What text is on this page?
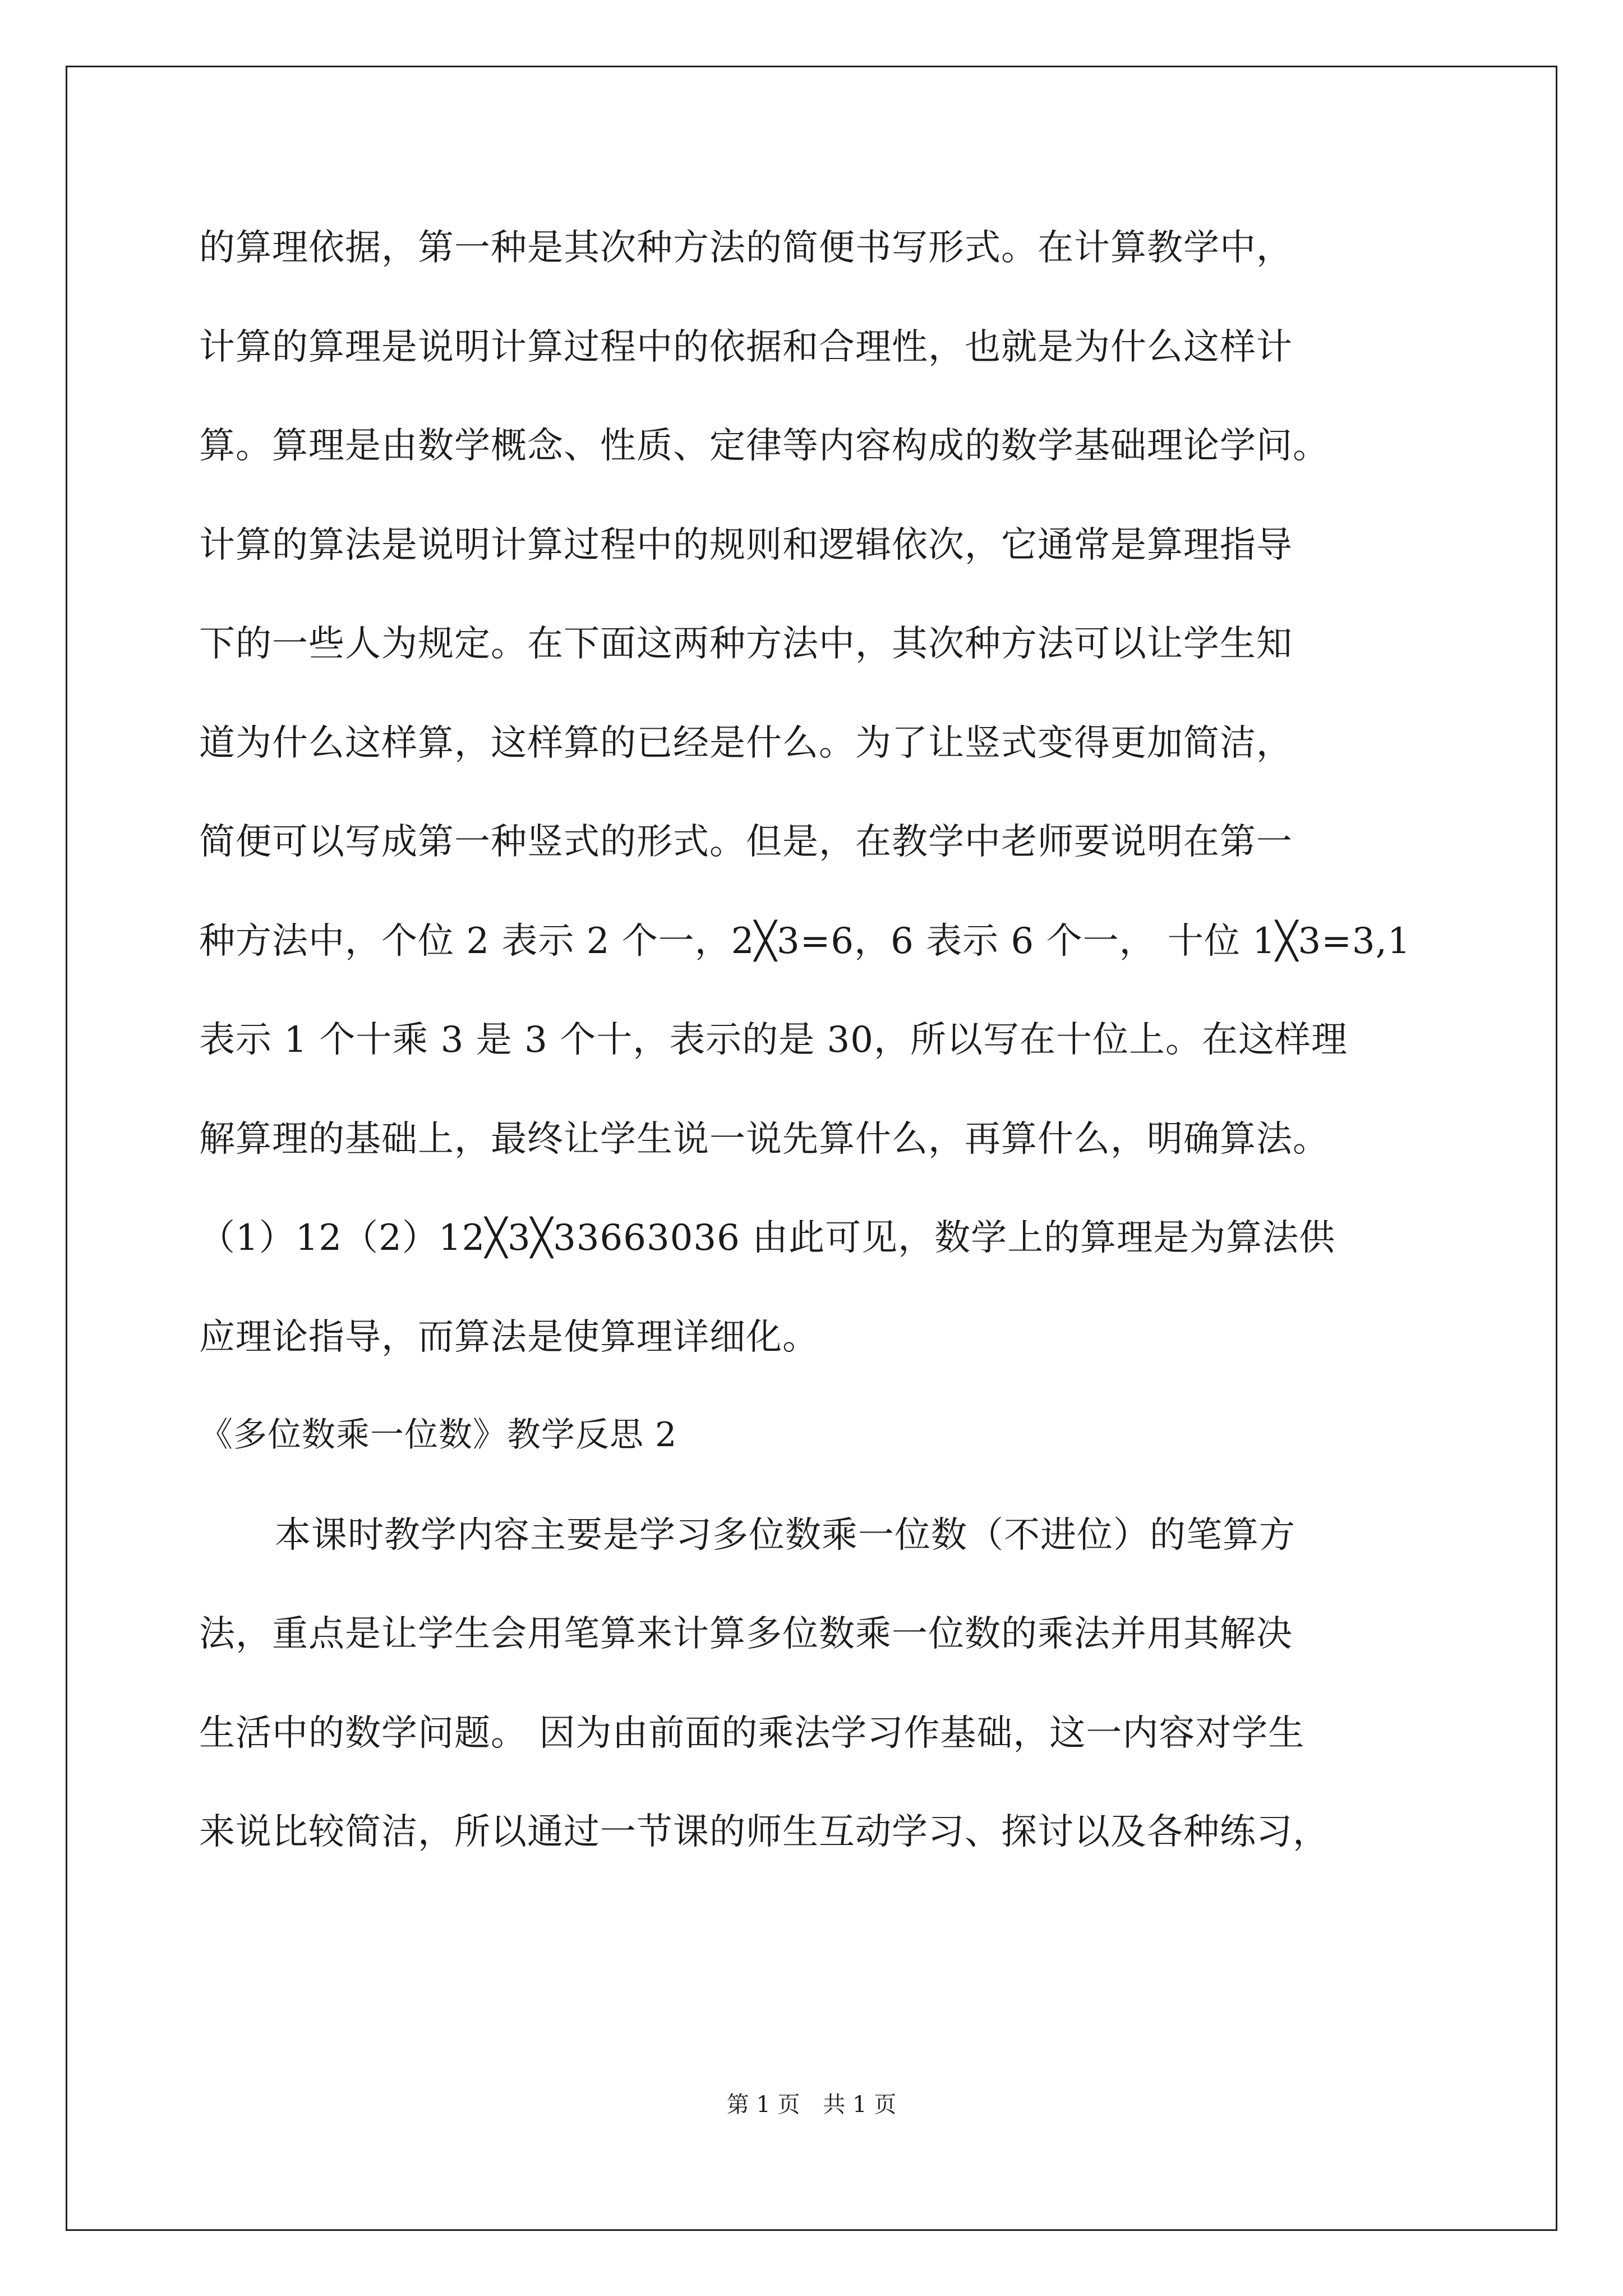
的算理依据，第一种是其次种方法的简便书写形式。在计算教学中，
计算的算理是说明计算过程中的依据和合理性，也就是为什么这样计
算。算理是由数学概念、性质、定律等内容构成的数学基础理论学问。
计算的算法是说明计算过程中的规则和逻辑依次，它通常是算理指导
下的一些人为规定。在下面这两种方法中，其次种方法可以让学生知
道为什么这样算，这样算的已经是什么。为了让竖式变得更加简洁，
简便可以写成第一种竖式的形式。但是，在教学中老师要说明在第一
种方法中，个位 2 表示 2 个一，2╳3=6，6 表示 6 个一， 十位 1╳3=3,1
表示 1 个十乘 3 是 3 个十，表示的是 30，所以写在十位上。在这样理
解算理的基础上，最终让学生说一说先算什么，再算什么，明确算法。
（1）12（2）12╳3╳33663036 由此可见，数学上的算理是为算法供
应理论指导，而算法是使算理详细化。
《多位数乘一位数》教学反思 2
本课时教学内容主要是学习多位数乘一位数（不进位）的笔算方
法，重点是让学生会用笔算来计算多位数乘一位数的乘法并用其解决
生活中的数学问题。 因为由前面的乘法学习作基础，这一内容对学生
来说比较简洁，所以通过一节课的师生互动学习、探讨以及各种练习，
第 1 页 共 1 页
